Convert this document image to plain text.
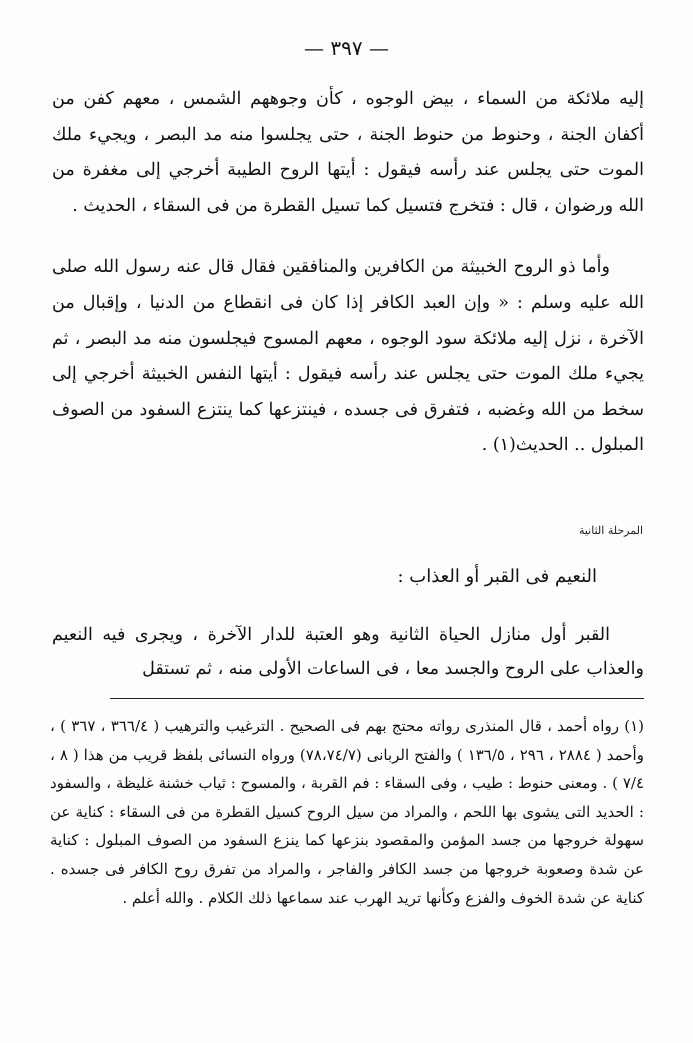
— ٣٩٧ —

إليه ملائكة من السماء ، بيض الوجوه ، كأن وجوههم الشمس ، معهم كفن من أكفان الجنة ، وحنوط من حنوط الجنة ، حتى يجلسوا منه مد البصر ، ويجيء ملك الموت حتى يجلس عند رأسه فيقول : أيتها الروح الطيبة أخرجي إلى مغفرة من الله ورضوان ، قال : فتخرج فتسيل كما تسيل القطرة من فى السقاء ، الحديث .

وأما ذو الروح الخبيثة من الكافرين والمنافقين فقال قال عنه رسول الله صلى الله عليه وسلم : « وإن العبد الكافر إذا كان فى انقطاع من الدنيا ، وإقبال من الآخرة ، نزل إليه ملائكة سود الوجوه ، معهم المسوح فيجلسون منه مد البصر ، ثم يجيء ملك الموت حتى يجلس عند رأسه فيقول : أيتها النفس الخبيثة أخرجي إلى سخط من الله وغضبه ، فتفرق فى جسده ، فينتزعها كما ينتزع السفود من الصوف المبلول .. الحديث(١) .

المرحلة الثانية
النعيم فى القبر أو العذاب :
القبر أول منازل الحياة الثانية وهو العتبة للدار الآخرة ، ويجرى فيه النعيم والعذاب على الروح والجسد معا ، فى الساعات الأولى منه ، ثم تستقل
(١) رواه أحمد ، قال المنذرى رواته محتج بهم فى الصحيح . الترغيب والترهيب ( ٣٦٦/٤ ، ٣٦٧ ) ، وأحمد ( ٢٨٨٤ ، ٢٩٦ ، ١٣٦/٥ ) والفتح الربانى (٧٨،٧٤/٧) ورواه النسائى بلفظ قريب من هذا ( ٨ ، ٧/٤ ) . ومعنى حنوط : طيب ، وفى السقاء : فم القربة ، والمسوح : ثياب خشنة غليظة ، والسفود : الحديد التى يشوى بها اللحم ، والمراد من سيل الروح كسيل القطرة من فى السقاء : كناية عن سهولة خروجها من جسد المؤمن والمقصود بنزعها كما ينزع السفود من الصوف المبلول : كناية عن شدة وصعوبة خروجها من جسد الكافر والفاجر ، والمراد من تفرق روح الكافر فى جسده . كناية عن شدة الخوف والفزع وكأنها تريد الهرب عند سماعها ذلك الكلام . والله أعلم .
